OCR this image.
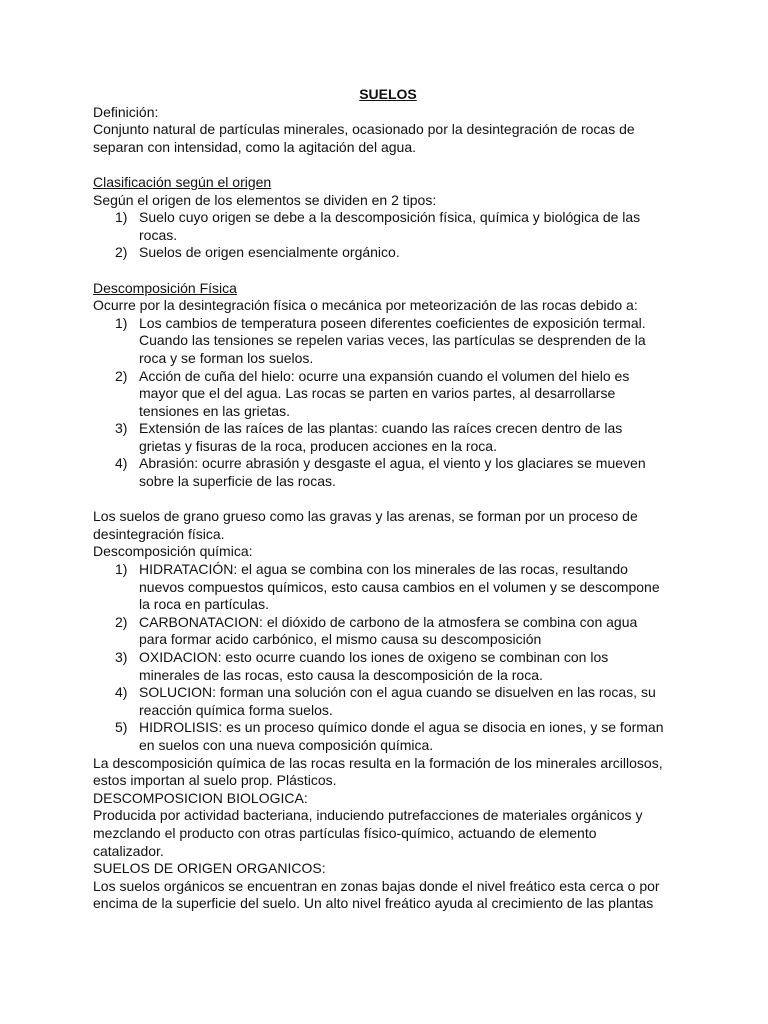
SUELOS

Definición:

Conjunto natural de partículas minerales, ocasionado por la desintegración de rocas de

separan con intensidad, como la agitación del agua.

Clasificación según el origen

Según el origen de los elementos se dividen en 2 tipos:

1) Suelo cuyo origen se debe a la descomposición física, química y biológica de las

rocas.

2) Suelos de origen esencialmente orgánico.

Descomposición Física

Ocurre por la desintegración física o mecánica por meteorización de las rocas debido a:

1) Los cambios de temperatura poseen diferentes coeficientes de exposición termal.

Cuando las tensiones se repelen varias veces, las partículas se desprenden de la

roca y se forman los suelos.

2) Acción de cuña del hielo: ocurre una expansión cuando el volumen del hielo es

mayor que el del agua. Las rocas se parten en varios partes, al desarrollarse

tensiones en las grietas.

3) Extensión de las raíces de las plantas: cuando las raíces crecen dentro de las

grietas y fisuras de la roca, producen acciones en la roca.

4) Abrasión: ocurre abrasión y desgaste el agua, el viento y los glaciares se mueven

sobre la superficie de las rocas.

Los suelos de grano grueso como las gravas y las arenas, se forman por un proceso de

desintegración física.

Descomposición química:

1) HIDRATACIÓN: el agua se combina con los minerales de las rocas, resultando

nuevos compuestos químicos, esto causa cambios en el volumen y se descompone

la roca en partículas.

2) CARBONATACION: el dióxido de carbono de la atmosfera se combina con agua

para formar acido carbónico, el mismo causa su descomposición

3) OXIDACION: esto ocurre cuando los iones de oxigeno se combinan con los

minerales de las rocas, esto causa la descomposición de la roca.

4) SOLUCION: forman una solución con el agua cuando se disuelven en las rocas, su

reacción química forma suelos.

5) HIDROLISIS: es un proceso químico donde el agua se disocia en iones, y se forman

en suelos con una nueva composición química.

La descomposición química de las rocas resulta en la formación de los minerales arcillosos,

estos importan al suelo prop. Plásticos.

DESCOMPOSICION BIOLOGICA:

Producida por actividad bacteriana, induciendo putrefacciones de materiales orgánicos y

mezclando el producto con otras partículas físico-químico, actuando de elemento

catalizador.

SUELOS DE ORIGEN ORGANICOS:

Los suelos orgánicos se encuentran en zonas bajas donde el nivel freático esta cerca o por

encima de la superficie del suelo. Un alto nivel freático ayuda al crecimiento de las plantas
